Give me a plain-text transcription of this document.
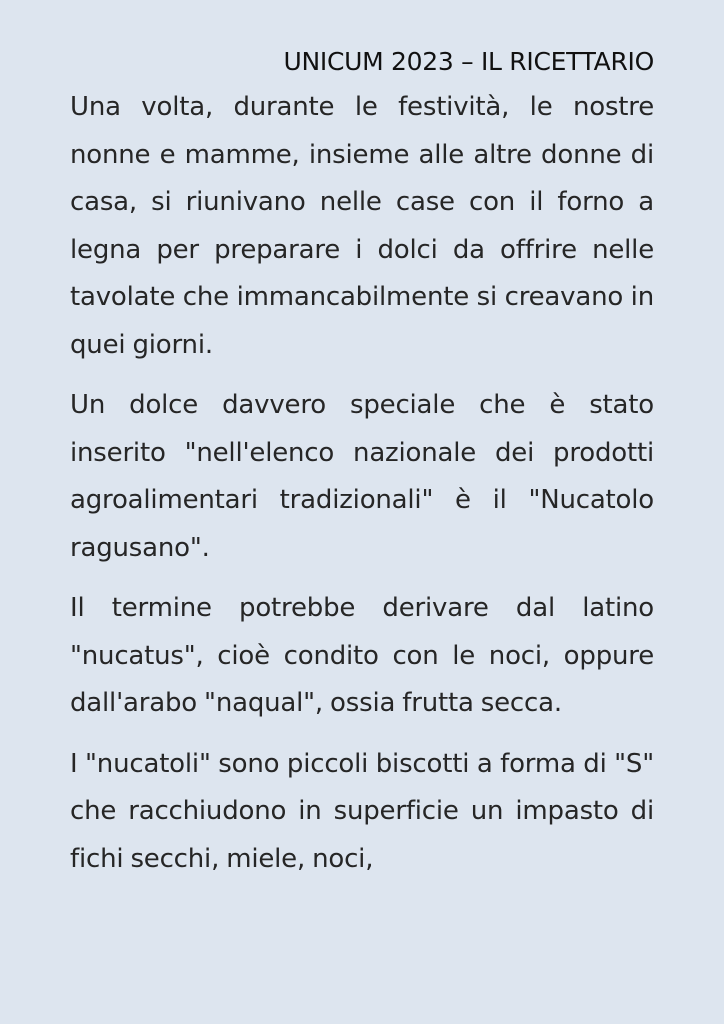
UNICUM 2023 – IL RICETTARIO

Una volta, durante le festività, le nostre nonne e mamme, insieme alle altre donne di casa, si riunivano nelle case con il forno a legna per preparare i dolci da offrire nelle tavolate che immancabilmente si creavano in quei giorni.

Un dolce davvero speciale che è stato inserito "nell'elenco nazionale dei prodotti agroalimentari tradizionali" è il "Nucatolo ragusano".

Il termine potrebbe derivare dal latino "nucatus", cioè condito con le noci, oppure dall'arabo "naqual", ossia frutta secca.

I "nucatoli" sono piccoli biscotti a forma di "S" che racchiudono in superficie un impasto di fichi secchi, miele, noci,
